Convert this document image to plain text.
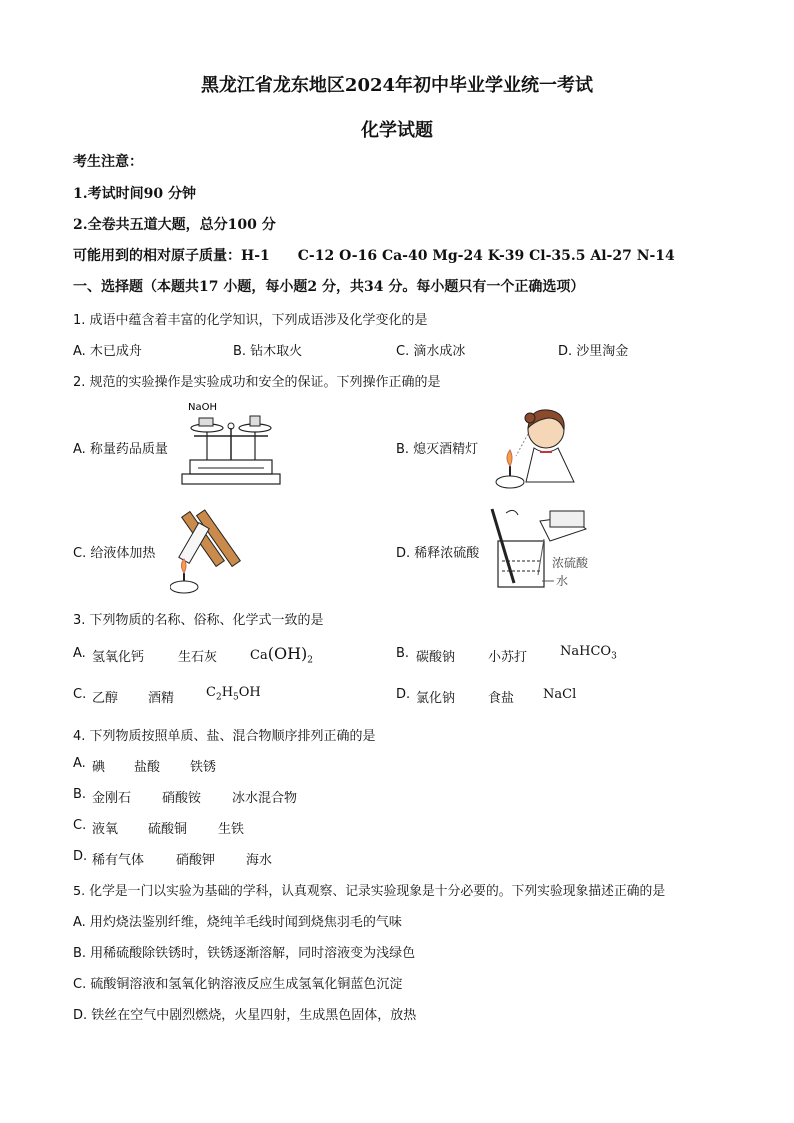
黑龙江省龙东地区2024年初中毕业学业统一考试
化学试题
考生注意：
1.考试时间90 分钟
2.全卷共五道大题，总分100 分
可能用到的相对原子质量：H-1　　C-12 O-16 Ca-40 Mg-24 K-39 Cl-35.5 Al-27 N-14
一、选择题（本题共17 小题，每小题2 分，共34 分。每小题只有一个正确选项）
1. 成语中蕴含着丰富的化学知识，下列成语涉及化学变化的是
A. 木已成舟	B. 钻木取火	C. 滴水成冰	D. 沙里淘金
2. 规范的实验操作是实验成功和安全的保证。下列操作正确的是
A. 称量药品质量	B. 熄灭酒精灯
C. 给液体加热	D. 稀释浓硫酸
NaOH
浓硫酸
水
3. 下列物质的名称、俗称、化学式一致的是
A. 氢氧化钙	生石灰	$Ca(OH)_2$	B. 碳酸钠	小苏打	NaHCO$_3$
C. 乙醇 酒精 $C_2H_5OH$	D. 氯化钠	食盐 NaCl
4. 下列物质按照单质、盐、混合物顺序排列正确的是
A. 碘 盐酸 铁锈
B. 金刚石 硝酸铵 冰水混合物
C. 液氧 硫酸铜 生铁
D. 稀有气体 硝酸钾 海水
5. 化学是一门以实验为基础的学科，认真观察、记录实验现象是十分必要的。下列实验现象描述正确的是
A. 用灼烧法鉴别纤维，烧纯羊毛线时闻到烧焦羽毛的气味
B. 用稀硫酸除铁锈时，铁锈逐渐溶解，同时溶液变为浅绿色
C. 硫酸铜溶液和氢氧化钠溶液反应生成氢氧化铜蓝色沉淀
D. 铁丝在空气中剧烈燃烧，火星四射，生成黑色固体，放热
